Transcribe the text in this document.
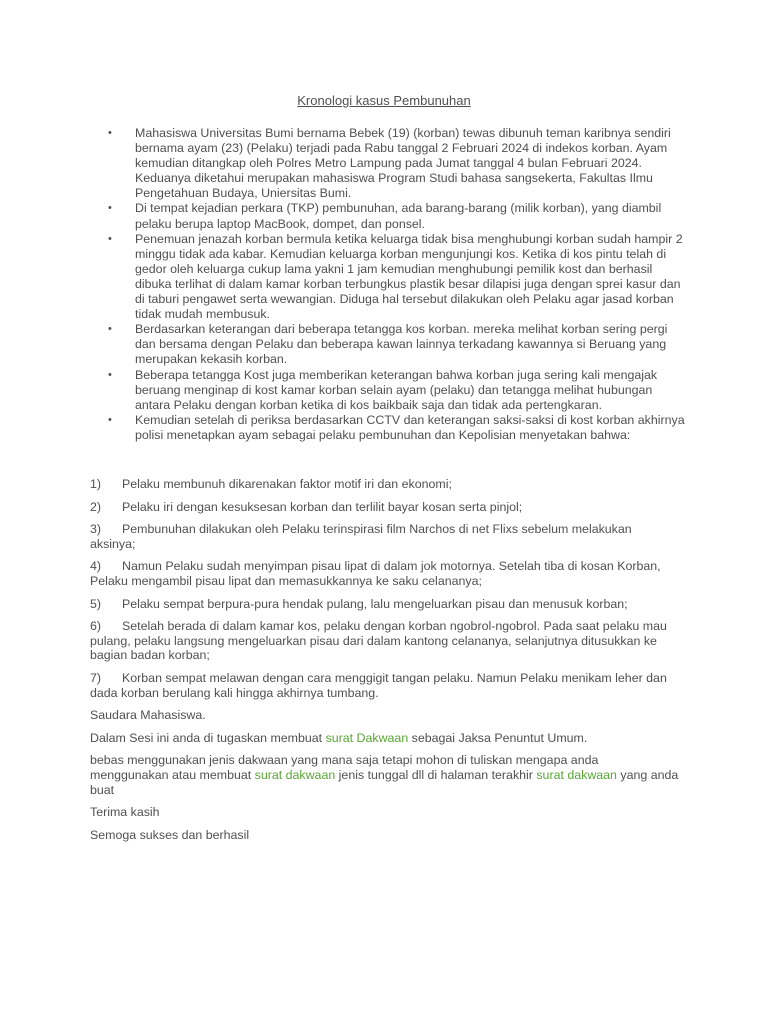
Kronologi kasus Pembunuhan
• Mahasiswa Universitas Bumi bernama Bebek (19) (korban) tewas dibunuh teman karibnya sendiri bernama ayam (23) (Pelaku) terjadi pada Rabu tanggal 2 Februari 2024 di indekos korban. Ayam kemudian ditangkap oleh Polres Metro Lampung pada Jumat tanggal 4 bulan Februari 2024. Keduanya diketahui merupakan mahasiswa Program Studi bahasa sangsekerta, Fakultas Ilmu Pengetahuan Budaya, Uniersitas Bumi.
• Di tempat kejadian perkara (TKP) pembunuhan, ada barang-barang (milik korban), yang diambil pelaku berupa laptop MacBook, dompet, dan ponsel.
• Penemuan jenazah korban bermula ketika keluarga tidak bisa menghubungi korban sudah hampir 2 minggu tidak ada kabar. Kemudian keluarga korban mengunjungi kos. Ketika di kos pintu telah di gedor oleh keluarga cukup lama yakni 1 jam kemudian menghubungi pemilik kost dan berhasil dibuka terlihat di dalam kamar korban terbungkus plastik besar dilapisi juga dengan sprei kasur dan di taburi pengawet serta wewangian. Diduga hal tersebut dilakukan oleh Pelaku agar jasad korban tidak mudah membusuk.
• Berdasarkan keterangan dari beberapa tetangga kos korban. mereka melihat korban sering pergi dan bersama dengan Pelaku dan beberapa kawan lainnya terkadang kawannya si Beruang yang merupakan kekasih korban.
• Beberapa tetangga Kost juga memberikan keterangan bahwa korban juga sering kali mengajak beruang menginap di kost kamar korban selain ayam (pelaku) dan tetangga melihat hubungan antara Pelaku dengan korban ketika di kos baikbaik saja dan tidak ada pertengkaran.
• Kemudian setelah di periksa berdasarkan CCTV dan keterangan saksi-saksi di kost korban akhirnya polisi menetapkan ayam sebagai pelaku pembunuhan dan Kepolisian menyetakan bahwa:

1) Pelaku membunuh dikarenakan faktor motif iri dan ekonomi;

2) Pelaku iri dengan kesuksesan korban dan terlilit bayar kosan serta pinjol;

3) Pembunuhan dilakukan oleh Pelaku terinspirasi film Narchos di net Flixs sebelum melakukan aksinya;

4) Namun Pelaku sudah menyimpan pisau lipat di dalam jok motornya. Setelah tiba di kosan Korban, Pelaku mengambil pisau lipat dan memasukkannya ke saku celananya;

5) Pelaku sempat berpura-pura hendak pulang, lalu mengeluarkan pisau dan menusuk korban;

6) Setelah berada di dalam kamar kos, pelaku dengan korban ngobrol-ngobrol. Pada saat pelaku mau pulang, pelaku langsung mengeluarkan pisau dari dalam kantong celananya, selanjutnya ditusukkan ke bagian badan korban;

7) Korban sempat melawan dengan cara menggigit tangan pelaku. Namun Pelaku menikam leher dan dada korban berulang kali hingga akhirnya tumbang.

Saudara Mahasiswa.

Dalam Sesi ini anda di tugaskan membuat surat Dakwaan sebagai Jaksa Penuntut Umum.

bebas menggunakan jenis dakwaan yang mana saja tetapi mohon di tuliskan mengapa anda menggunakan atau membuat surat dakwaan jenis tunggal dll di halaman terakhir surat dakwaan yang anda buat

Terima kasih

Semoga sukses dan berhasil
